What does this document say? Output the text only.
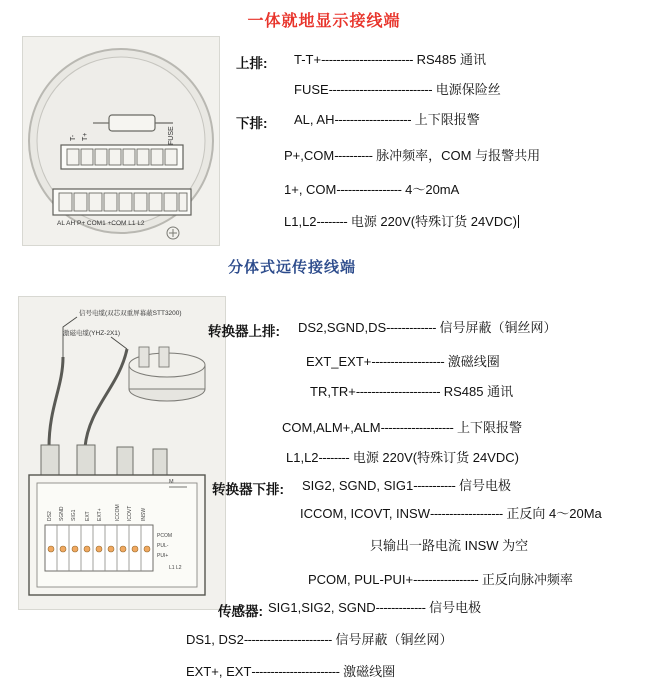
一体就地显示接线端
T- T+	FUSE
AL AH P+ COM1 +COM L1 L2
上排: T-T+------------------------ RS485 通讯
FUSE--------------------------- 电源保险丝
下排: AL, AH-------------------- 上下限报警
P+,COM---------- 脉冲频率，COM 与报警共用
1+, COM----------------- 4～20mA
L1,L2-------- 电源 220V(特殊订货 24VDC)
分体式远传接线端
信号电缆(双芯双重屏幕蔽STT3200)
激磁电缆(YHZ-2X1)
DS2 SGND SIG1 EXT EXT+ ICCOM ICOVT INSW
PCOM
PUL-
PUI+
L1 L2
M
转换器上排: DS2,SGND,DS------------- 信号屏蔽（铜丝网）
EXT_EXT+------------------- 激磁线圈
TR,TR+---------------------- RS485 通讯
COM,ALM+,ALM------------------- 上下限报警
L1,L2-------- 电源 220V(特殊订货 24VDC)
转换器下排: SIG2, SGND, SIG1----------- 信号电极
ICCOM, ICOVT, INSW------------------- 正反向 4～20Ma
只输出一路电流 INSW 为空
PCOM, PUL-PUI+----------------- 正反向脉冲频率
传感器: SIG1,SIG2, SGND------------- 信号电极
DS1, DS2----------------------- 信号屏蔽（铜丝网）
EXT+, EXT----------------------- 激磁线圈
